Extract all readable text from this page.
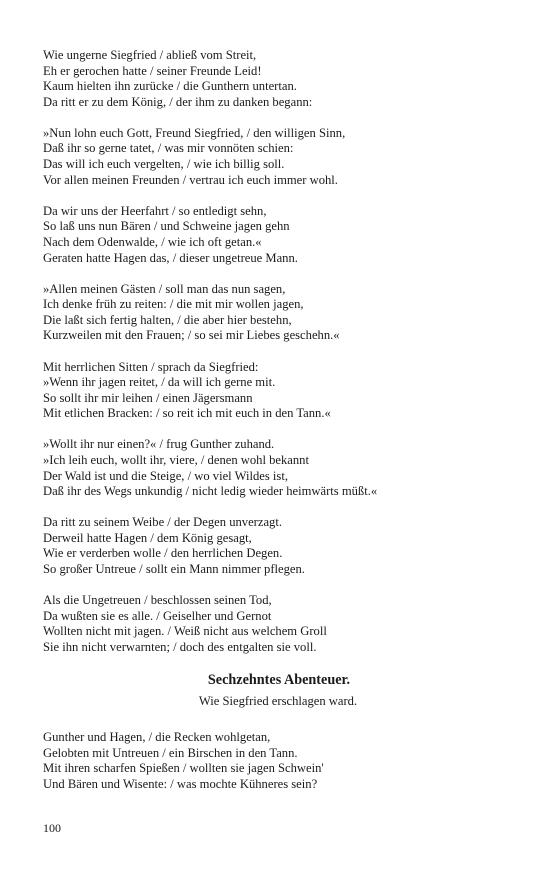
Wie ungerne Siegfried / abließ vom Streit,
Eh er gerochen hatte / seiner Freunde Leid!
Kaum hielten ihn zurücke / die Gunthern untertan.
Da ritt er zu dem König, / der ihm zu danken begann:
»Nun lohn euch Gott, Freund Siegfried, / den willigen Sinn,
Daß ihr so gerne tatet, / was mir vonnöten schien:
Das will ich euch vergelten, / wie ich billig soll.
Vor allen meinen Freunden / vertrau ich euch immer wohl.
Da wir uns der Heerfahrt / so entledigt sehn,
So laß uns nun Bären / und Schweine jagen gehn
Nach dem Odenwalde, / wie ich oft getan.«
Geraten hatte Hagen das, / dieser ungetreue Mann.
»Allen meinen Gästen / soll man das nun sagen,
Ich denke früh zu reiten: / die mit mir wollen jagen,
Die laßt sich fertig halten, / die aber hier bestehn,
Kurzweilen mit den Frauen; / so sei mir Liebes geschehn.«
Mit herrlichen Sitten / sprach da Siegfried:
»Wenn ihr jagen reitet, / da will ich gerne mit.
So sollt ihr mir leihen / einen Jägersmann
Mit etlichen Bracken: / so reit ich mit euch in den Tann.«
»Wollt ihr nur einen?« / frug Gunther zuhand.
»Ich leih euch, wollt ihr, viere, / denen wohl bekannt
Der Wald ist und die Steige, / wo viel Wildes ist,
Daß ihr des Wegs unkundig / nicht ledig wieder heimwärts müßt.«
Da ritt zu seinem Weibe / der Degen unverzagt.
Derweil hatte Hagen / dem König gesagt,
Wie er verderben wolle / den herrlichen Degen.
So großer Untreue / sollt ein Mann nimmer pflegen.
Als die Ungetreuen / beschlossen seinen Tod,
Da wußten sie es alle. / Geiselher und Gernot
Wollten nicht mit jagen. / Weiß nicht aus welchem Groll
Sie ihn nicht verwarnten; / doch des entgalten sie voll.
Sechzehntes Abenteuer.
Wie Siegfried erschlagen ward.
Gunther und Hagen, / die Recken wohlgetan,
Gelobten mit Untreuen / ein Birschen in den Tann.
Mit ihren scharfen Spießen / wollten sie jagen Schwein'
Und Bären und Wisente: / was mochte Kühneres sein?
100
